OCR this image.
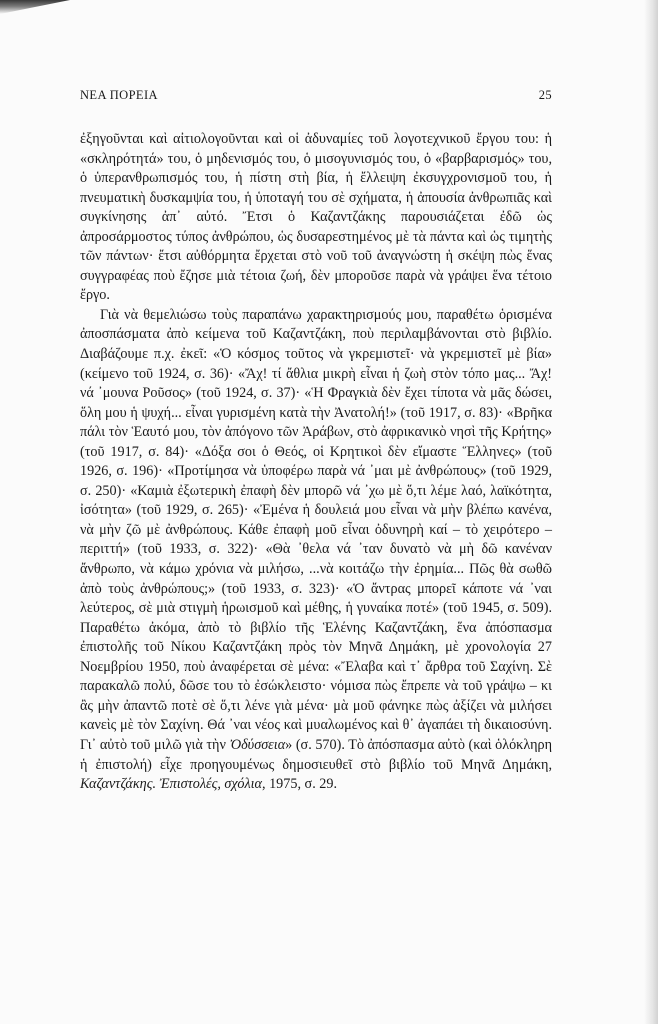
ΝΕΑ ΠΟΡΕΙΑ	25

ἐξηγοῦνται καὶ αἰτιολογοῦνται καὶ οἱ ἀδυναμίες τοῦ λογοτεχνικοῦ ἔργου του: ἡ «σκληρότητά» του, ὁ μηδενισμός του, ὁ μισογυνισμός του, ὁ «βαρβαρισμός» του, ὁ ὑπερανθρωπισμός του, ἡ πίστη στὴ βία, ἡ ἔλλειψη ἐκσυγχρονισμοῦ του, ἡ πνευματικὴ δυσκαμψία του, ἡ ὑποταγή του σὲ σχήματα, ἡ ἀπουσία ἀνθρωπιᾶς καὶ συγκίνησης ἀπ᾽ αὐτό. Ἔτσι ὁ Καζαντζάκης παρουσιάζεται ἐδῶ ὡς ἀπροσάρμοστος τύπος ἀνθρώπου, ὡς δυσαρεστημένος μὲ τὰ πάντα καὶ ὡς τιμητὴς τῶν πάντων· ἔτσι αὐθόρμητα ἔρχεται στὸ νοῦ τοῦ ἀναγνώστη ἡ σκέψη πὼς ἕνας συγγραφέας ποὺ ἔζησε μιὰ τέτοια ζωή, δὲν μποροῦσε παρὰ νὰ γράψει ἕνα τέτοιο ἔργο.

Γιὰ νὰ θεμελιώσω τοὺς παραπάνω χαρακτηρισμούς μου, παραθέτω ὁρισμένα ἀποσπάσματα ἀπὸ κείμενα τοῦ Καζαντζάκη, ποὺ περιλαμβάνονται στὸ βιβλίο. Διαβάζουμε π.χ. ἐκεῖ: «Ὁ κόσμος τοῦτος νὰ γκρεμιστεῖ· νὰ γκρεμιστεῖ μὲ βία» (κείμενο τοῦ 1924, σ. 36)· «Ἄχ! τί ἄθλια μικρὴ εἶναι ἡ ζωὴ στὸν τόπο μας... Ἄχ! νά ᾽μουνα Ροῦσος» (τοῦ 1924, σ. 37)· «Ἡ Φραγκιὰ δὲν ἔχει τίποτα νὰ μᾶς δώσει, ὅλη μου ἡ ψυχή... εἶναι γυρισμένη κατὰ τὴν Ἀνατολή!» (τοῦ 1917, σ. 83)· «Βρῆκα πάλι τὸν Ἑαυτό μου, τὸν ἀπόγονο τῶν Ἀράβων, στὸ ἀφρικανικὸ νησὶ τῆς Κρήτης» (τοῦ 1917, σ. 84)· «Δόξα σοι ὁ Θεός, οἱ Κρητικοὶ δὲν εἴμαστε Ἕλληνες» (τοῦ 1926, σ. 196)· «Προτίμησα νὰ ὑποφέρω παρὰ νά ᾽μαι μὲ ἀνθρώπους» (τοῦ 1929, σ. 250)· «Καμιὰ ἐξωτερικὴ ἐπαφὴ δὲν μπορῶ νά ᾽χω μὲ ὅ,τι λέμε λαό, λαϊκότητα, ἰσότητα» (τοῦ 1929, σ. 265)· «Ἐμένα ἡ δουλειά μου εἶναι νὰ μὴν βλέπω κανένα, νὰ μὴν ζῶ μὲ ἀνθρώπους. Κάθε ἐπαφὴ μοῦ εἶναι ὀδυνηρὴ καί – τὸ χειρότερο – περιττή» (τοῦ 1933, σ. 322)· «Θὰ ᾽θελα νά ᾽ταν δυνατὸ νὰ μὴ δῶ κανέναν ἄνθρωπο, νὰ κάμω χρόνια νὰ μιλήσω, ...νὰ κοιτάζω τὴν ἐρημία... Πῶς θὰ σωθῶ ἀπὸ τοὺς ἀνθρώπους;» (τοῦ 1933, σ. 323)· «Ὁ ἄντρας μπορεῖ κάποτε νά ᾽ναι λεύτερος, σὲ μιὰ στιγμὴ ἡρωισμοῦ καὶ μέθης, ἡ γυναίκα ποτέ» (τοῦ 1945, σ. 509). Παραθέτω ἀκόμα, ἀπὸ τὸ βιβλίο τῆς Ἑλένης Καζαντζάκη, ἕνα ἀπόσπασμα ἐπιστολῆς τοῦ Νίκου Καζαντζάκη πρὸς τὸν Μηνᾶ Δημάκη, μὲ χρονολογία 27 Νοεμβρίου 1950, ποὺ ἀναφέρεται σὲ μένα: «Ἔλαβα καὶ τ᾽ ἄρθρα τοῦ Σαχίνη. Σὲ παρακαλῶ πολύ, δῶσε του τὸ ἐσώκλειστο· νόμισα πὼς ἔπρεπε νὰ τοῦ γράψω – κι ἂς μὴν ἀπαντῶ ποτὲ σὲ ὅ,τι λένε γιὰ μένα· μὰ μοῦ φάνηκε πὼς ἀξίζει νὰ μιλήσει κανεὶς μὲ τὸν Σαχίνη. Θά ᾽ναι νέος καὶ μυαλωμένος καὶ θ᾽ ἀγαπάει τὴ δικαιοσύνη. Γι᾽ αὐτὸ τοῦ μιλῶ γιὰ τὴν Ὀδύσσεια» (σ. 570). Τὸ ἀπόσπασμα αὐτὸ (καὶ ὁλόκληρη ἡ ἐπιστολή) εἶχε προηγουμένως δημοσιευθεῖ στὸ βιβλίο τοῦ Μηνᾶ Δημάκη, Καζαντζάκης. Ἐπιστολές, σχόλια, 1975, σ. 29.
